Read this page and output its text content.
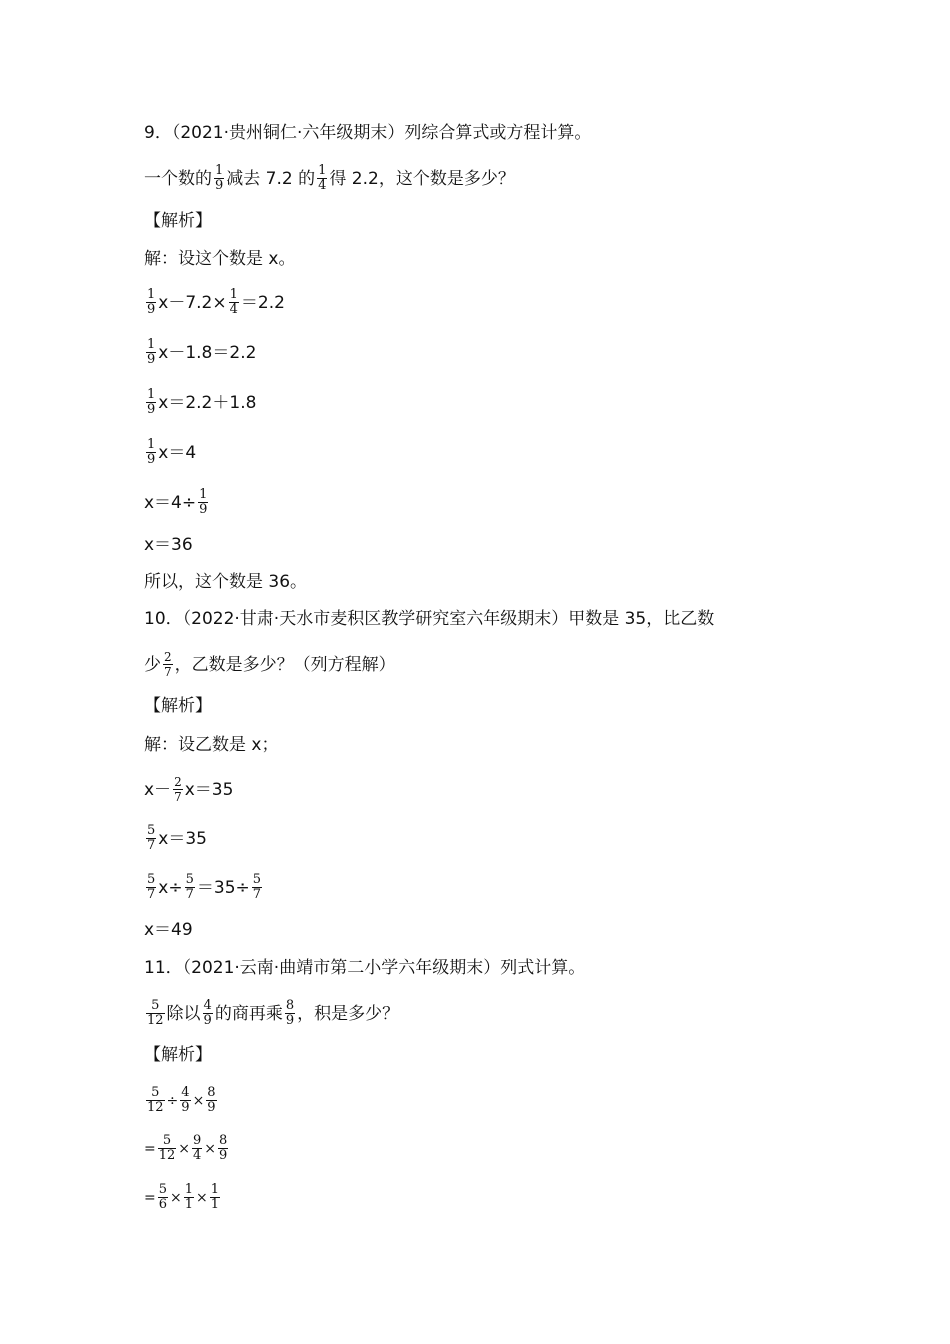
9．（2021·贵州铜仁·六年级期末）列综合算式或方程计算。
一个数的 $\frac{1}{9}$ 减去 7.2 的 $\frac{1}{4}$ 得 2.2，这个数是多少？
【解析】
解：设这个数是 x。
$\frac{1}{9} x-7.2\times \frac{1}{4} =2.2$
$\frac{1}{9} x-1.8=2.2$
$\frac{1}{9} x=2.2+1.8$
$\frac{1}{9} x=4$
$x=4\div \frac{1}{9}$
x＝36
所以，这个数是 36。
10．（2022·甘肃·天水市麦积区教学研究室六年级期末）甲数是 35，比乙数
少 $\frac{2}{7}$ ，乙数是多少？（列方程解）
【解析】
解：设乙数是 x；
$x- \frac{2}{7} x=35$
$\frac{5}{7} x=35$
$\frac{5}{7} x\div \frac{5}{7} =35\div \frac{5}{7}$
x＝49
11．（2021·云南·曲靖市第二小学六年级期末）列式计算。
$\frac{5}{12}$ 除以 $\frac{4}{9}$ 的商再乘 $\frac{8}{9}$ ，积是多少？
【解析】
$\frac{5}{12} \div \frac{4}{9} \times \frac{8}{9}$
= $\frac{5}{12} \times \frac{9}{4} \times \frac{8}{9}$
= $\frac{5}{6} \times \frac{1}{1} \times \frac{1}{1}$
